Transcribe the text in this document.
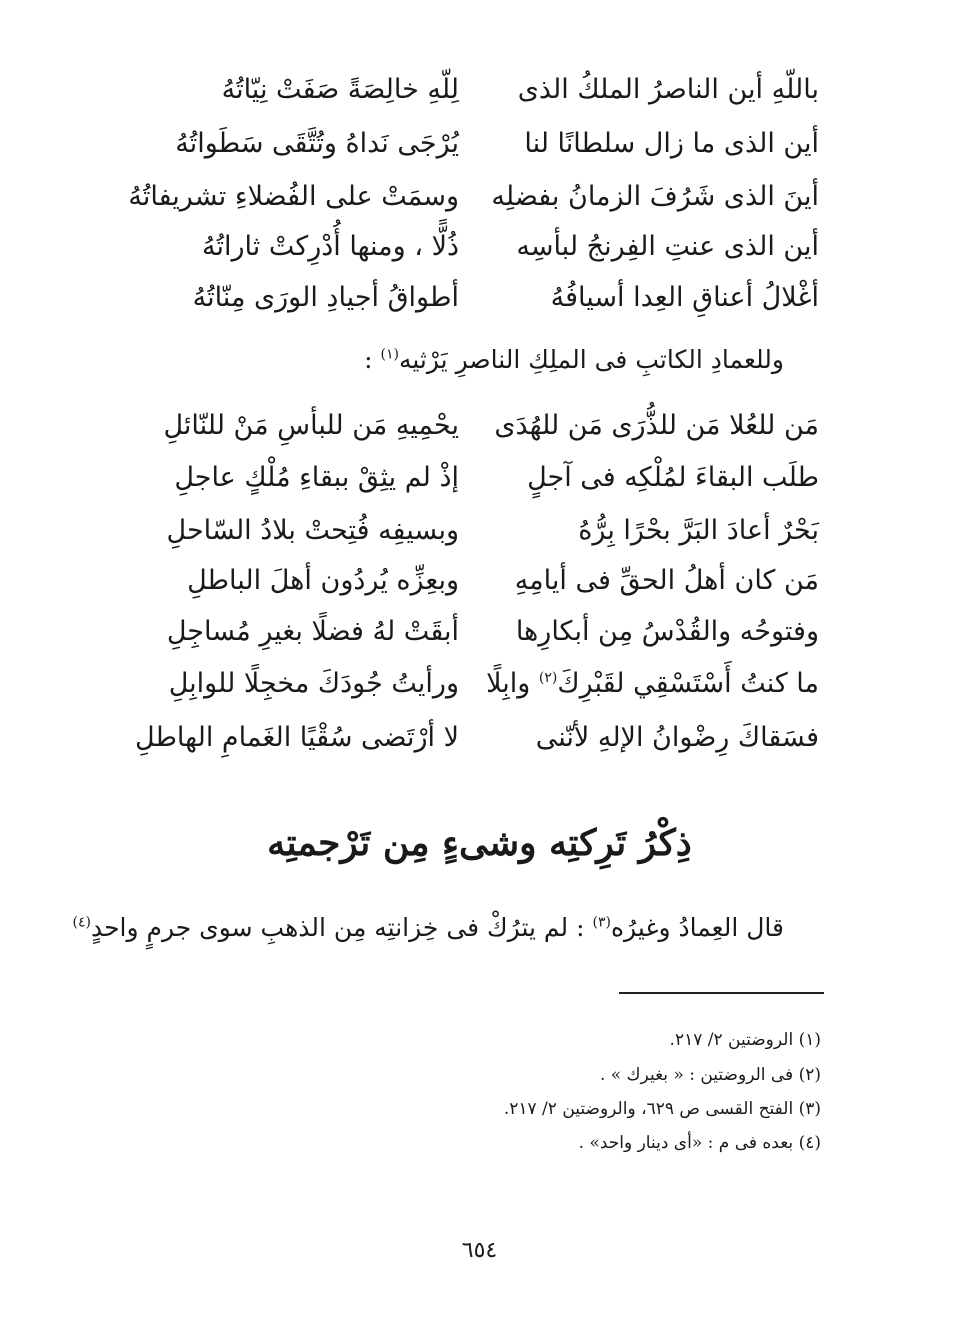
باللّهِ أين الناصرُ الملكُ الذى
لِلّهِ خالِصَةً صَفَتْ نِيّاتُهُ
أين الذى ما زال سلطانًا لنا
يُرْجَى نَداهُ وتُتَّقَى سَطَواتُهُ
أينَ الذى شَرُفَ الزمانُ بفضلِه
وسمَتْ على الفُضلاءِ تشريفاتُهُ
أين الذى عنتِ الفِرنجُ لبأسِه
ذُلًّا ، ومنها أُدْرِكتْ ثاراتُهُ
أغْلالُ أعناقِ العِدا أسيافُهُ
أطواقُ أجيادِ الورَى مِنّاتُهُ
وللعمادِ الكاتبِ فى الملِكِ الناصرِ يَرْثيه$^{(١)}$ :
مَن للعُلا مَن للذُّرَى مَن للهُدَى
يحْمِيهِ مَن للبأسِ مَنْ للنّائلِ
طلَب البقاءَ لمُلْكِه فى آجلٍ
إذْ لم يثِقْ ببقاءِ مُلْكٍ عاجلِ
بَحْرٌ أعادَ البَرَّ بحْرًا بِرُّهُ
وبسيفِه فُتِحتْ بلادُ السّاحلِ
مَن كان أهلُ الحقِّ فى أيامِهِ
وبعِزِّه يُردُون أهلَ الباطلِ
وفتوحُه والقُدْسُ مِن أبكارِها
أبقَتْ لهُ فضلًا بغيرِ مُساجِلِ
ما كنتُ أَسْتَسْقِي لقَبْرِكَ$^{(٢)}$ وابِلًا
ورأيتُ جُودَكَ مخجِلًا للوابِلِ
فسَقاكَ رِضْوانُ الإلهِ لأنّنى
لا أرْتَضى سُقْيًا الغَمامِ الهاطلِ
ذِكْرُ تَرِكتِه وشىءٍ مِن تَرْجمتِه
قال العِمادُ وغيرُه$^{(٣)}$ : لم يترُكْ فى خِزانتِه مِن الذهبِ سوى جرمٍ واحدٍ$^{(٤)}$
(١) الروضتين ٢/ ٢١٧.
(٢) فى الروضتين : « بغيرك » .
(٣) الفتح القسى ص ٦٢٩، والروضتين ٢/ ٢١٧.
(٤) بعده فى م : «أى دينار واحد» .
٦٥٤
